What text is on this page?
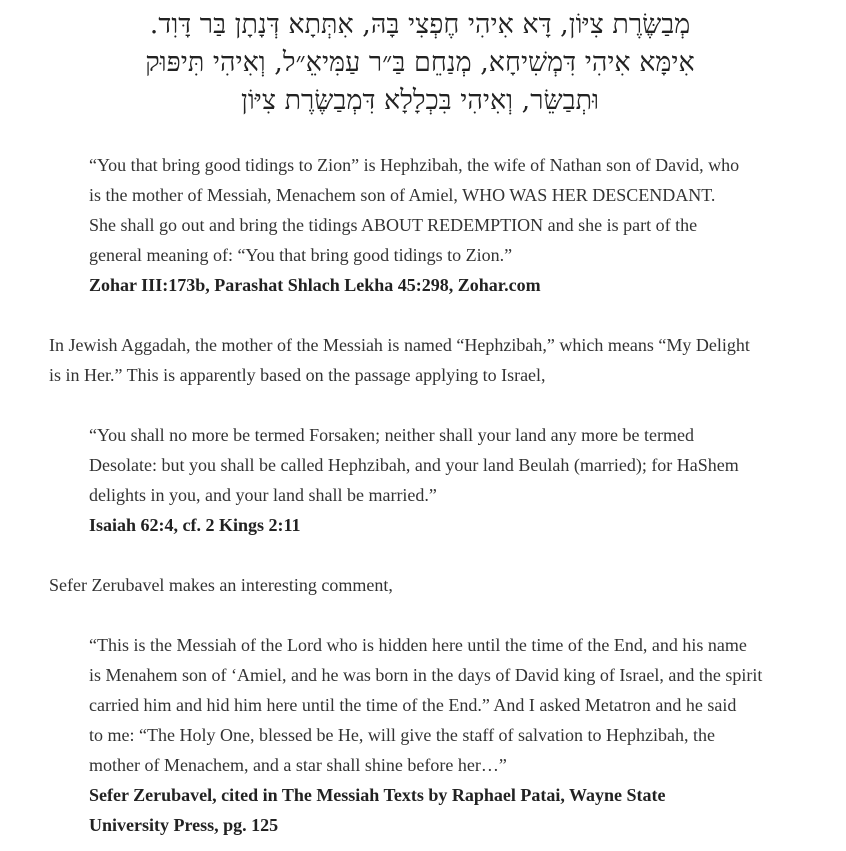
מְבַשֶּׂרֶת צִיּוֹן, דָּא אִיהִי חֶפְצִי בָּהּ, אִתְּתָא דְּנָתָן בַּר דָּוִד.
אִימָּא אִיהִי דִּמְשִׁיחָא, מְנַחֵם בַּ״ר עַמִּיאֵ״ל, וְאִיהִי תִּיפּוּק
וּתְבַשֵּׂר, וְאִיהִי בִּכְלָלָא דִּמְבַשֶּׂרֶת צִיּוֹן
“You that bring good tidings to Zion” is Hephzibah, the wife of Nathan son of David, who
is the mother of Messiah, Menachem son of Amiel, WHO WAS HER DESCENDANT.
She shall go out and bring the tidings ABOUT REDEMPTION and she is part of the
general meaning of: “You that bring good tidings to Zion.”
Zohar III:173b, Parashat Shlach Lekha 45:298, Zohar.com
In Jewish Aggadah, the mother of the Messiah is named “Hephzibah,” which means “My Delight
is in Her.” This is apparently based on the passage applying to Israel,
“You shall no more be termed Forsaken; neither shall your land any more be termed
Desolate: but you shall be called Hephzibah, and your land Beulah (married); for HaShem
delights in you, and your land shall be married.”
Isaiah 62:4, cf. 2 Kings 2:11
Sefer Zerubavel makes an interesting comment,
“This is the Messiah of the Lord who is hidden here until the time of the End, and his name
is Menahem son of ‘Amiel, and he was born in the days of David king of Israel, and the spirit
carried him and hid him here until the time of the End.” And I asked Metatron and he said
to me: “The Holy One, blessed be He, will give the staff of salvation to Hephzibah, the
mother of Menachem, and a star shall shine before her…”
Sefer Zerubavel, cited in The Messiah Texts by Raphael Patai, Wayne State
University Press, pg. 125
